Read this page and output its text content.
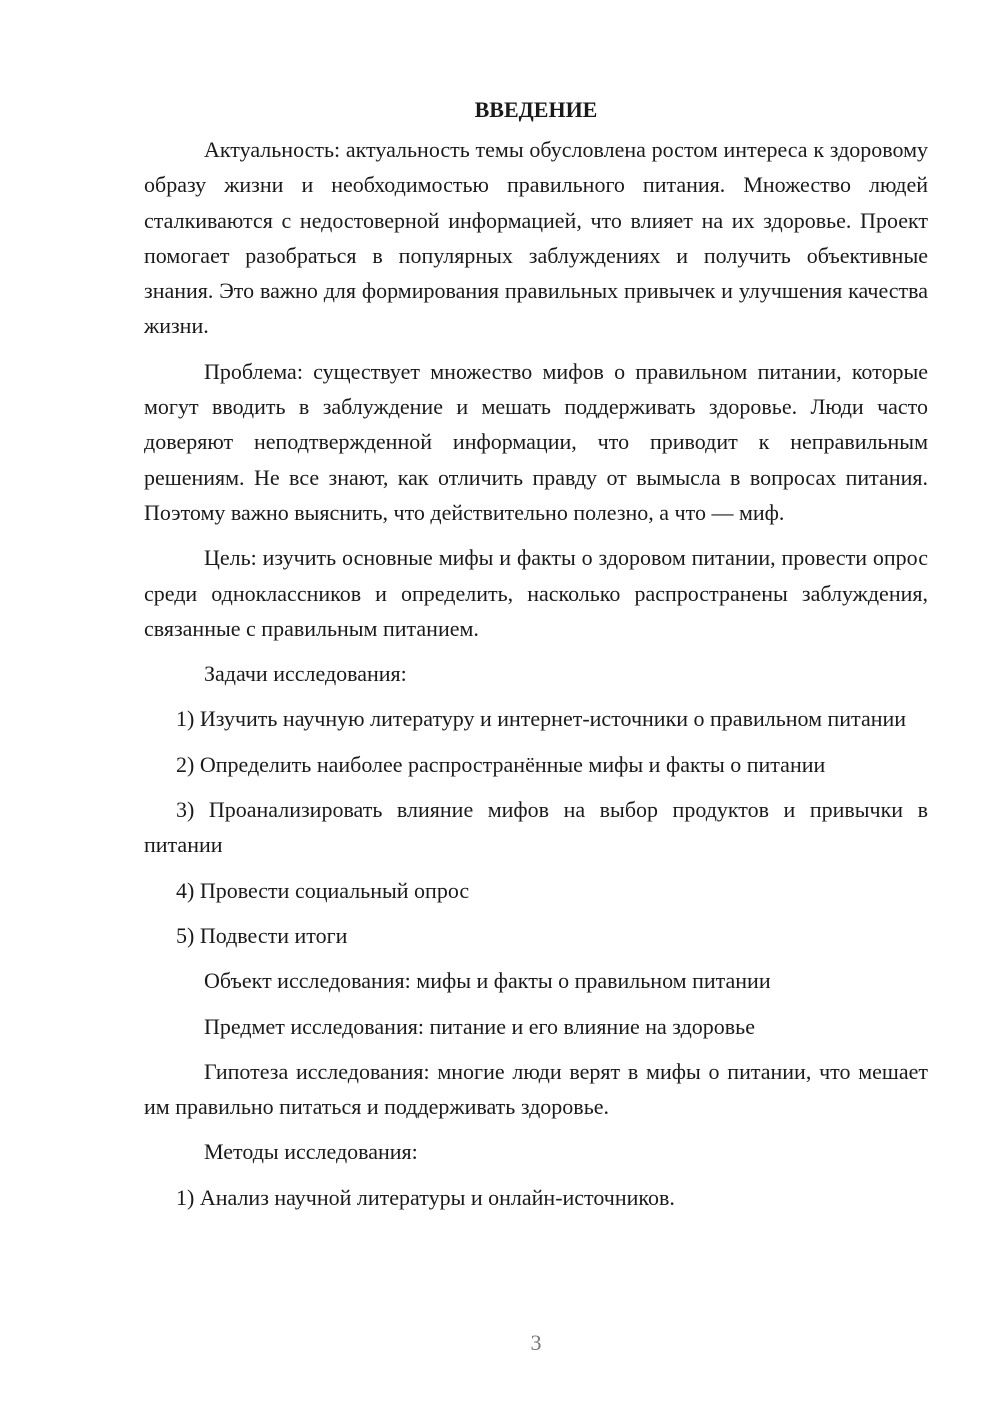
ВВЕДЕНИЕ

Актуальность: актуальность темы обусловлена ростом интереса к здоровому образу жизни и необходимостью правильного питания. Множество людей сталкиваются с недостоверной информацией, что влияет на их здоровье. Проект помогает разобраться в популярных заблуждениях и получить объективные знания. Это важно для формирования правильных привычек и улучшения качества жизни.

Проблема: существует множество мифов о правильном питании, которые могут вводить в заблуждение и мешать поддерживать здоровье. Люди часто доверяют неподтвержденной информации, что приводит к неправильным решениям. Не все знают, как отличить правду от вымысла в вопросах питания. Поэтому важно выяснить, что действительно полезно, а что — миф.

Цель: изучить основные мифы и факты о здоровом питании, провести опрос среди одноклассников и определить, насколько распространены заблуждения, связанные с правильным питанием.

Задачи исследования:
1) Изучить научную литературу и интернет-источники о правильном питании
2) Определить наиболее распространённые мифы и факты о питании
3) Проанализировать влияние мифов на выбор продуктов и привычки в питании
4) Провести социальный опрос
5) Подвести итоги
Объект исследования: мифы и факты о правильном питании
Предмет исследования: питание и его влияние на здоровье

Гипотеза исследования: многие люди верят в мифы о питании, что мешает им правильно питаться и поддерживать здоровье.

Методы исследования:
1) Анализ научной литературы и онлайн-источников.
3
